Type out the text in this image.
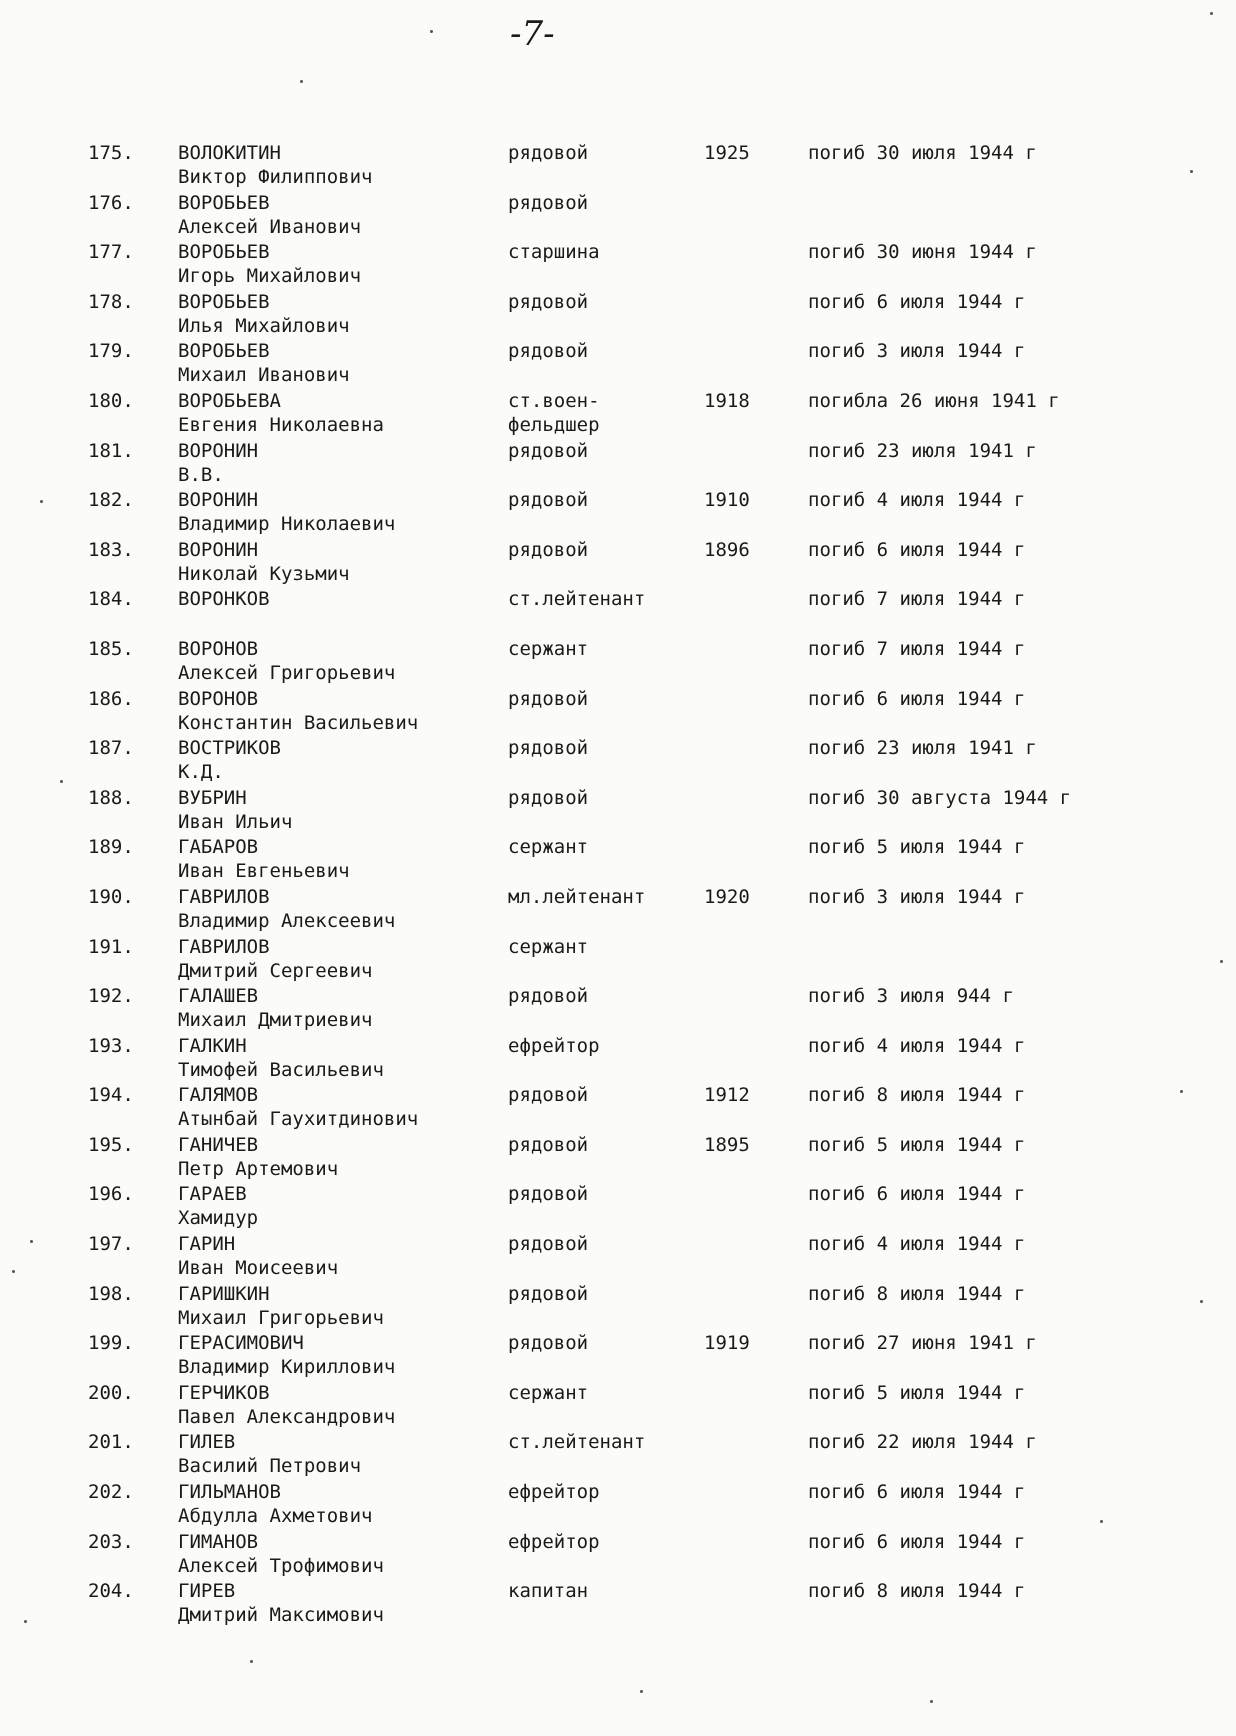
-7-
175. ВОЛОКИТИН
Виктор Филиппович
рядовой	1925	погиб 30 июля 1944 г
176. ВОРОБЬЕВ
Алексей Иванович
рядовой
177. ВОРОБЬЕВ
Игорь Михайлович
старшина	погиб 30 июня 1944 г
178. ВОРОБЬЕВ
Илья Михайлович
рядовой	погиб 6 июля 1944 г
179. ВОРОБЬЕВ
Михаил Иванович
рядовой	погиб 3 июля 1944 г
180. ВОРОБЬЕВА
Евгения Николаевна
ст.воен-
фельдшер
1918	погибла 26 июня 1941 г
181. ВОРОНИН
В.В.
рядовой	погиб 23 июля 1941 г
182. ВОРОНИН
Владимир Николаевич
рядовой	1910	погиб 4 июля 1944 г
183. ВОРОНИН
Николай Кузьмич
рядовой	1896	погиб 6 июля 1944 г
184. ВОРОНКОВ	ст.лейтенант	погиб 7 июля 1944 г
185. ВОРОНОВ
Алексей Григорьевич
сержант	погиб 7 июля 1944 г
186. ВОРОНОВ
Константин Васильевич
рядовой	погиб 6 июля 1944 г
187. ВОСТРИКОВ
К.Д.
рядовой	погиб 23 июля 1941 г
188. ВУБРИН
Иван Ильич
рядовой	погиб 30 августа 1944 г
189. ГАБАРОВ
Иван Евгеньевич
сержант	погиб 5 июля 1944 г
190. ГАВРИЛОВ
Владимир Алексеевич
мл.лейтенант	1920	погиб 3 июля 1944 г
191. ГАВРИЛОВ
Дмитрий Сергеевич
сержант
192. ГАЛАШЕВ
Михаил Дмитриевич
рядовой	погиб 3 июля 944 г
193. ГАЛКИН
Тимофей Васильевич
ефрейтор	погиб 4 июля 1944 г
194. ГАЛЯМОВ
Атынбай Гаухитдинович
рядовой	1912	погиб 8 июля 1944 г
195. ГАНИЧЕВ
Петр Артемович
рядовой	1895	погиб 5 июля 1944 г
196. ГАРАЕВ
Хамидур
рядовой	погиб 6 июля 1944 г
197. ГАРИН
Иван Моисеевич
рядовой	погиб 4 июля 1944 г
198. ГАРИШКИН
Михаил Григорьевич
рядовой	погиб 8 июля 1944 г
199. ГЕРАСИМОВИЧ
Владимир Кириллович
рядовой	1919	погиб 27 июня 1941 г
200. ГЕРЧИКОВ
Павел Александрович
сержант	погиб 5 июля 1944 г
201. ГИЛЕВ
Василий Петрович
ст.лейтенант	погиб 22 июля 1944 г
202. ГИЛЬМАНОВ
Абдулла Ахметович
ефрейтор	погиб 6 июля 1944 г
203. ГИМАНОВ
Алексей Трофимович
ефрейтор	погиб 6 июля 1944 г
204. ГИРЕВ
Дмитрий Максимович
капитан	погиб 8 июля 1944 г
